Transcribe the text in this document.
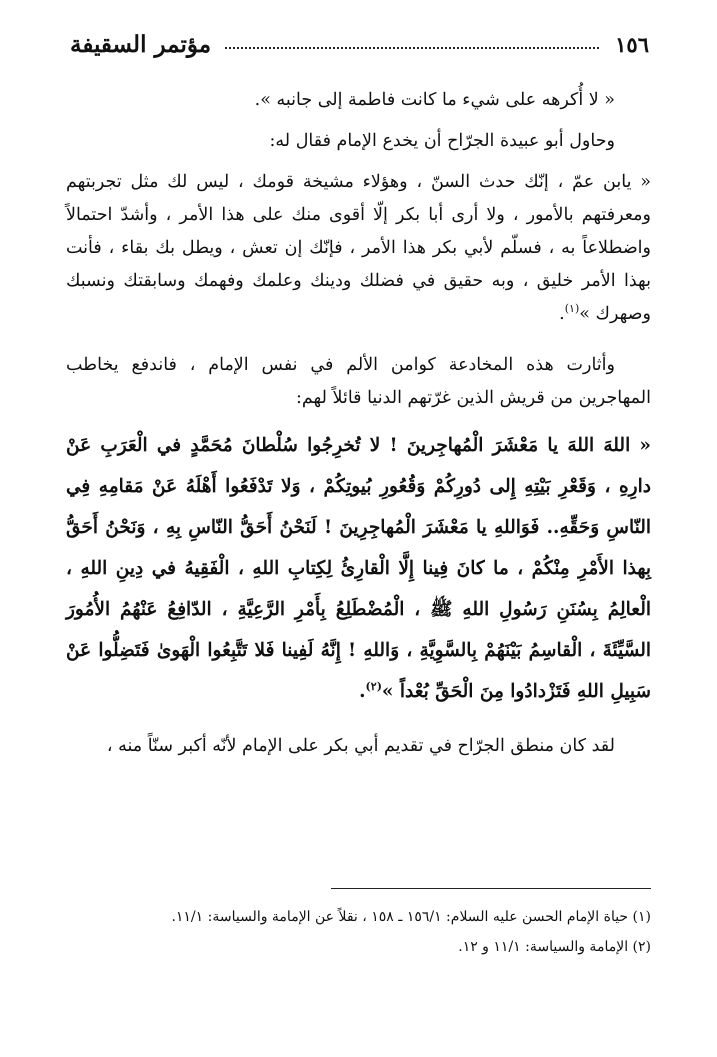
١٥٦
مؤتمر السقيفة

« لا أُكرهه على شيء ما كانت فاطمة إلى جانبه ».

وحاول أبو عبيدة الجرّاح أن يخدع الإمام فقال له:

« يابن عمّ ، إنّك حدث السنّ ، وهؤلاء مشيخة قومك ، ليس لك مثل تجربتهم ومعرفتهم بالأمور ، ولا أرى أبا بكر إلّا أقوى منك على هذا الأمر ، وأشدّ احتمالاً واضطلاعاً به ، فسلّم لأبي بكر هذا الأمر ، فإنّك إن تعش ، ويطل بك بقاء ، فأنت بهذا الأمر خليق ، وبه حقيق في فضلك ودينك وعلمك وفهمك وسابقتك ونسبك وصهرك »$^{(١)}$.

وأثارت هذه المخادعة كوامن الألم في نفس الإمام ، فاندفع يخاطب المهاجرين من قريش الذين غرّتهم الدنيا قائلاً لهم:

« اللهَ اللهَ يا مَعْشَرَ الْمُهاجِرينَ ! لا تُخرِجُوا سُلْطانَ مُحَمَّدٍ في الْعَرَبِ عَنْ دارِهِ ، وَقَعْرِ بَيْتِهِ إِلى دُورِكُمْ وَقُعُورِ بُيوتِكُمْ ، وَلا تَدْفَعُوا أَهْلَهُ عَنْ مَقامِهِ فِي النّاسِ وَحَقِّهِ.. فَوَاللهِ يا مَعْشَرَ الْمُهاجِرِينَ ! لَنَحْنُ أَحَقُّ النّاسِ بِهِ ، وَنَحْنُ أَحَقُّ بِهذا الأَمْرِ مِنْكُمْ ، ما كانَ فِينا إِلَّا الْقارِئُ لِكِتابِ اللهِ ، الْفَقِيهُ في دِينِ اللهِ ، الْعالِمُ بِسُنَنِ رَسُولِ اللهِ ﷺ ، الْمُضْطَلِعُ بِأَمْرِ الرَّعِيَّةِ ، الدّافِعُ عَنْهُمُ الأُمُورَ السَّيِّئَةَ ، الْقاسِمُ بَيْنَهُمْ بِالسَّوِيَّةِ ، وَاللهِ ! إِنَّهُ لَفِينا فَلا تَتَّبِعُوا الْهَوىٰ فَتَضِلُّوا عَنْ سَبِيلِ اللهِ فَتَزْدادُوا مِنَ الْحَقِّ بُعْداً »$^{(٢)}$.

لقد كان منطق الجرّاح في تقديم أبي بكر على الإمام لأنّه أكبر سنّاً منه ،

(١) حياة الإمام الحسن عليه السلام: ١٥٦/١ ـ ١٥٨ ، نقلاً عن الإمامة والسياسة: ١١/١.

(٢) الإمامة والسياسة: ١١/١ و ١٢.
